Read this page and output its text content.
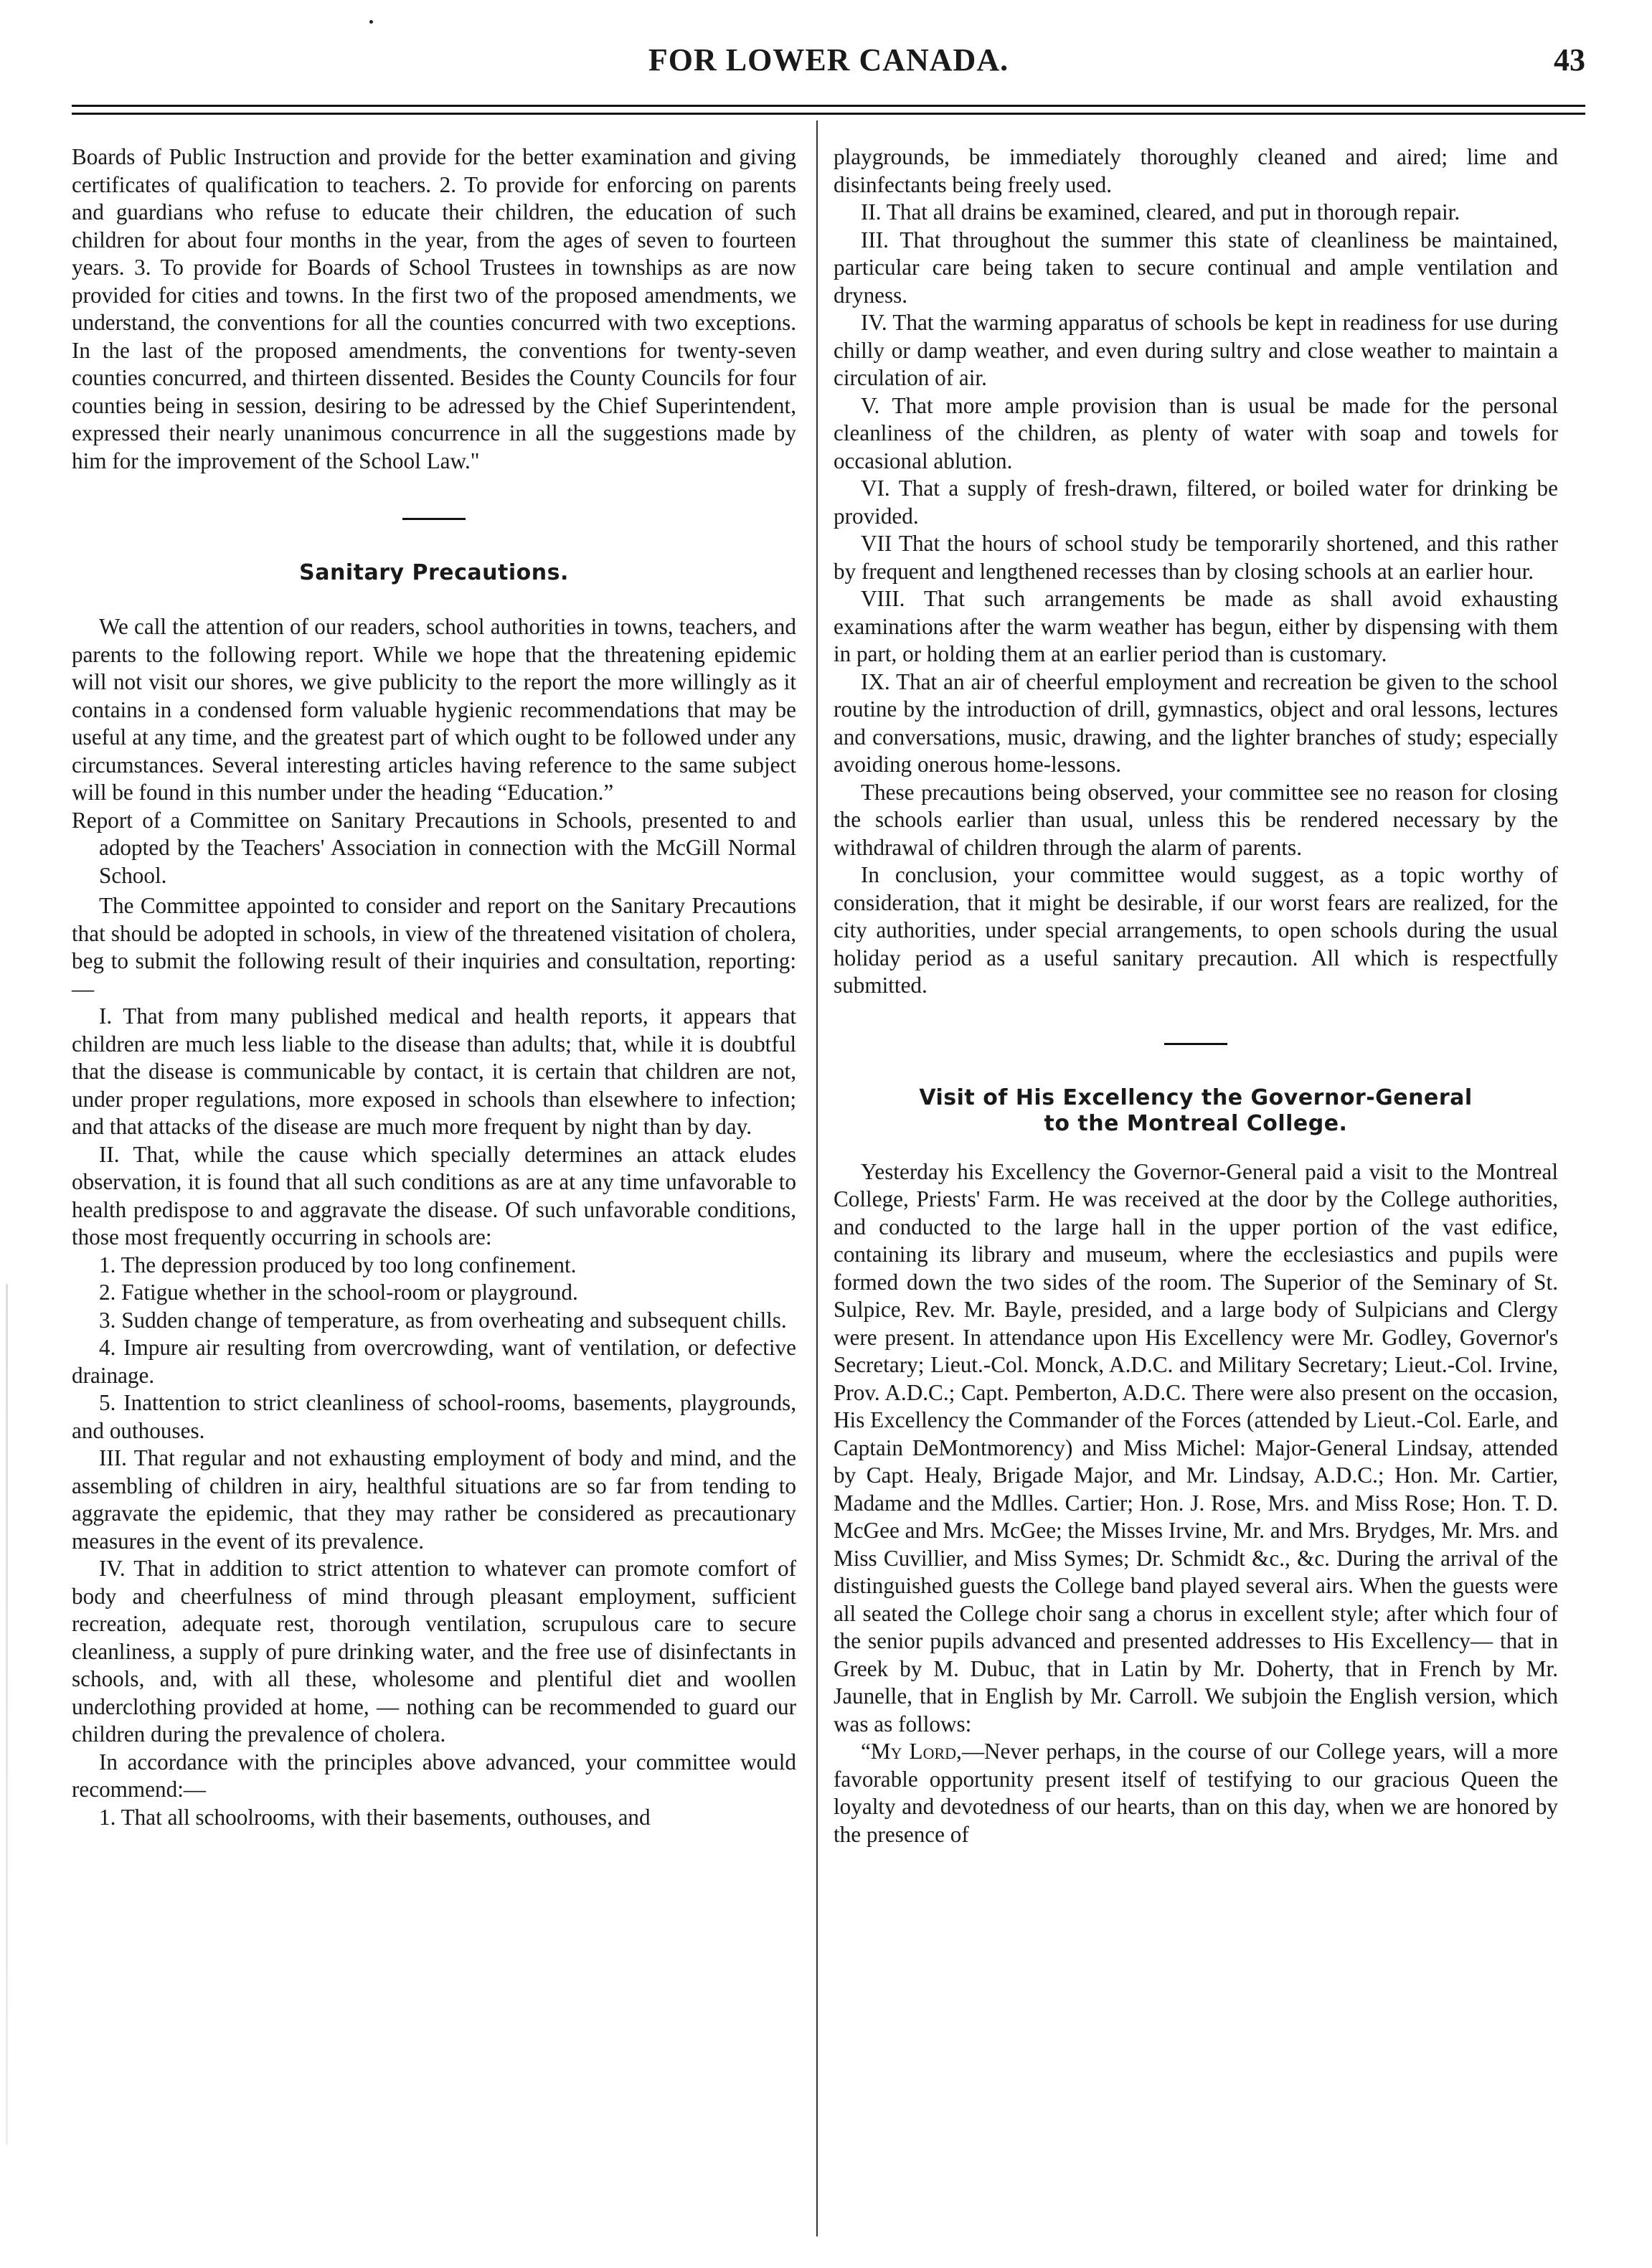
FOR LOWER CANADA.	43

Boards of Public Instruction and provide for the better examination and giving certificates of qualification to teachers. 2. To provide for enforcing on parents and guardians who refuse to educate their children, the education of such children for about four months in the year, from the ages of seven to fourteen years. 3. To provide for Boards of School Trustees in townships as are now provided for cities and towns. In the first two of the proposed amendments, we understand, the conventions for all the counties concurred with two exceptions. In the last of the proposed amendments, the conventions for twenty-seven counties concurred, and thirteen dissented. Besides the County Councils for four counties being in session, desiring to be adressed by the Chief Superintendent, expressed their nearly unanimous concurrence in all the suggestions made by him for the improvement of the School Law."

Sanitary Precautions.

We call the attention of our readers, school authorities in towns, teachers, and parents to the following report. While we hope that the threatening epidemic will not visit our shores, we give publicity to the report the more willingly as it contains in a condensed form valuable hygienic recommendations that may be useful at any time, and the greatest part of which ought to be followed under any circumstances. Several interesting articles having reference to the same subject will be found in this number under the heading “Education.”

Report of a Committee on Sanitary Precautions in Schools, presented to and adopted by the Teachers' Association in connection with the McGill Normal School.

The Committee appointed to consider and report on the Sanitary Precautions that should be adopted in schools, in view of the threatened visitation of cholera, beg to submit the following result of their inquiries and consultation, reporting:—

I. That from many published medical and health reports, it appears that children are much less liable to the disease than adults; that, while it is doubtful that the disease is communicable by contact, it is certain that children are not, under proper regulations, more exposed in schools than elsewhere to infection; and that attacks of the disease are much more frequent by night than by day.

II. That, while the cause which specially determines an attack eludes observation, it is found that all such conditions as are at any time unfavorable to health predispose to and aggravate the disease. Of such unfavorable conditions, those most frequently occurring in schools are:

1. The depression produced by too long confinement.

2. Fatigue whether in the school-room or playground.

3. Sudden change of temperature, as from overheating and subsequent chills.

4. Impure air resulting from overcrowding, want of ventilation, or defective drainage.

5. Inattention to strict cleanliness of school-rooms, basements, playgrounds, and outhouses.

III. That regular and not exhausting employment of body and mind, and the assembling of children in airy, healthful situations are so far from tending to aggravate the epidemic, that they may rather be considered as precautionary measures in the event of its prevalence.

IV. That in addition to strict attention to whatever can promote comfort of body and cheerfulness of mind through pleasant employment, sufficient recreation, adequate rest, thorough ventilation, scrupulous care to secure cleanliness, a supply of pure drinking water, and the free use of disinfectants in schools, and, with all these, wholesome and plentiful diet and woollen underclothing provided at home, — nothing can be recommended to guard our children during the prevalence of cholera.

In accordance with the principles above advanced, your committee would recommend:—

1. That all schoolrooms, with their basements, outhouses, and

playgrounds, be immediately thoroughly cleaned and aired; lime and disinfectants being freely used.

II. That all drains be examined, cleared, and put in thorough repair.

III. That throughout the summer this state of cleanliness be maintained, particular care being taken to secure continual and ample ventilation and dryness.

IV. That the warming apparatus of schools be kept in readiness for use during chilly or damp weather, and even during sultry and close weather to maintain a circulation of air.

V. That more ample provision than is usual be made for the personal cleanliness of the children, as plenty of water with soap and towels for occasional ablution.

VI. That a supply of fresh-drawn, filtered, or boiled water for drinking be provided.

VII That the hours of school study be temporarily shortened, and this rather by frequent and lengthened recesses than by closing schools at an earlier hour.

VIII. That such arrangements be made as shall avoid exhausting examinations after the warm weather has begun, either by dispensing with them in part, or holding them at an earlier period than is customary.

IX. That an air of cheerful employment and recreation be given to the school routine by the introduction of drill, gymnastics, object and oral lessons, lectures and conversations, music, drawing, and the lighter branches of study; especially avoiding onerous home-lessons.

These precautions being observed, your committee see no reason for closing the schools earlier than usual, unless this be rendered necessary by the withdrawal of children through the alarm of parents.

In conclusion, your committee would suggest, as a topic worthy of consideration, that it might be desirable, if our worst fears are realized, for the city authorities, under special arrangements, to open schools during the usual holiday period as a useful sanitary precaution. All which is respectfully submitted.

Visit of His Excellency the Governor-General
to the Montreal College.

Yesterday his Excellency the Governor-General paid a visit to the Montreal College, Priests' Farm. He was received at the door by the College authorities, and conducted to the large hall in the upper portion of the vast edifice, containing its library and museum, where the ecclesiastics and pupils were formed down the two sides of the room. The Superior of the Seminary of St. Sulpice, Rev. Mr. Bayle, presided, and a large body of Sulpicians and Clergy were present. In attendance upon His Excellency were Mr. Godley, Governor's Secretary; Lieut.-Col. Monck, A.D.C. and Military Secretary; Lieut.-Col. Irvine, Prov. A.D.C.; Capt. Pemberton, A.D.C. There were also present on the occasion, His Excellency the Commander of the Forces (attended by Lieut.-Col. Earle, and Captain DeMontmorency) and Miss Michel: Major-General Lindsay, attended by Capt. Healy, Brigade Major, and Mr. Lindsay, A.D.C.; Hon. Mr. Cartier, Madame and the Mdlles. Cartier; Hon. J. Rose, Mrs. and Miss Rose; Hon. T. D. McGee and Mrs. McGee; the Misses Irvine, Mr. and Mrs. Brydges, Mr. Mrs. and Miss Cuvillier, and Miss Symes; Dr. Schmidt &c., &c. During the arrival of the distinguished guests the College band played several airs. When the guests were all seated the College choir sang a chorus in excellent style; after which four of the senior pupils advanced and presented addresses to His Excellency— that in Greek by M. Dubuc, that in Latin by Mr. Doherty, that in French by Mr. Jaunelle, that in English by Mr. Carroll. We subjoin the English version, which was as follows:

“My Lord,—Never perhaps, in the course of our College years, will a more favorable opportunity present itself of testifying to our gracious Queen the loyalty and devotedness of our hearts, than on this day, when we are honored by the presence of
